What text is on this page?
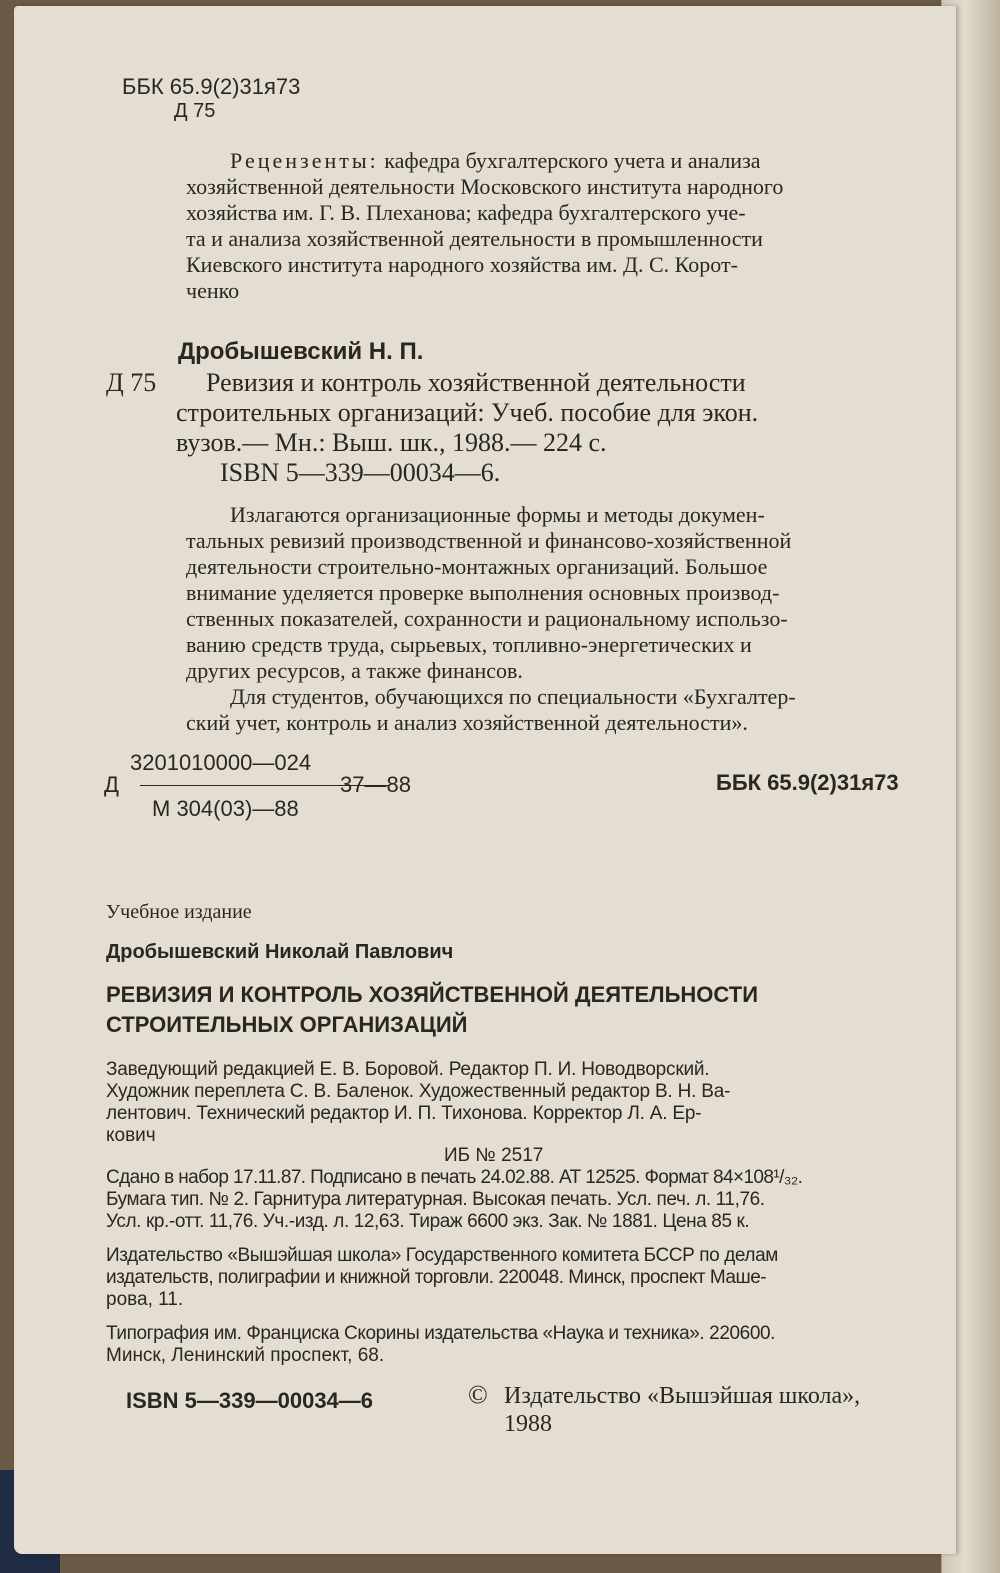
ББК 65.9(2)31я73
Д 75
Рецензенты: кафедра бухгалтерского учета и анализа
хозяйственной деятельности Московского института народного
хозяйства им. Г. В. Плеханова; кафедра бухгалтерского уче-
та и анализа хозяйственной деятельности в промышленности
Киевского института народного хозяйства им. Д. С. Корот-
ченко
Дробышевский Н. П.
Д 75 Ревизия и контроль хозяйственной деятельности
строительных организаций: Учеб. пособие для экон.
вузов.— Мн.: Выш. шк., 1988.— 224 с.
ISBN 5—339—00034—6.
Излагаются организационные формы и методы докумен-
тальных ревизий производственной и финансово-хозяйственной
деятельности строительно-монтажных организаций. Большое
внимание уделяется проверке выполнения основных производ-
ственных показателей, сохранности и рациональному использо-
ванию средств труда, сырьевых, топливно-энергетических и
других ресурсов, а также финансов.
Для студентов, обучающихся по специальности «Бухгалтер-
ский учет, контроль и анализ хозяйственной деятельности».
3201010000—024
Д	37—88
М 304(03)—88
ББК 65.9(2)31я73
Учебное издание
Дробышевский Николай Павлович
РЕВИЗИЯ И КОНТРОЛЬ ХОЗЯЙСТВЕННОЙ ДЕЯТЕЛЬНОСТИ
СТРОИТЕЛЬНЫХ ОРГАНИЗАЦИЙ
Заведующий редакцией Е. В. Боровой. Редактор П. И. Новодворский.
Художник переплета С. В. Баленок. Художественный редактор В. Н. Ва-
лентович. Технический редактор И. П. Тихонова. Корректор Л. А. Ер-
кович
ИБ № 2517
Сдано в набор 17.11.87. Подписано в печать 24.02.88. АТ 12525. Формат 84×108¹/₃₂.
Бумага тип. № 2. Гарнитура литературная. Высокая печать. Усл. печ. л. 11,76.
Усл. кр.-отт. 11,76. Уч.-изд. л. 12,63. Тираж 6600 экз. Зак. № 1881. Цена 85 к.
Издательство «Вышэйшая школа» Государственного комитета БССР по делам
издательств, полиграфии и книжной торговли. 220048. Минск, проспект Маше-
рова, 11.
Типография им. Франциска Скорины издательства «Наука и техника». 220600.
Минск, Ленинский проспект, 68.
ISBN 5—339—00034—6	© Издательство «Вышэйшая школа»,
1988
